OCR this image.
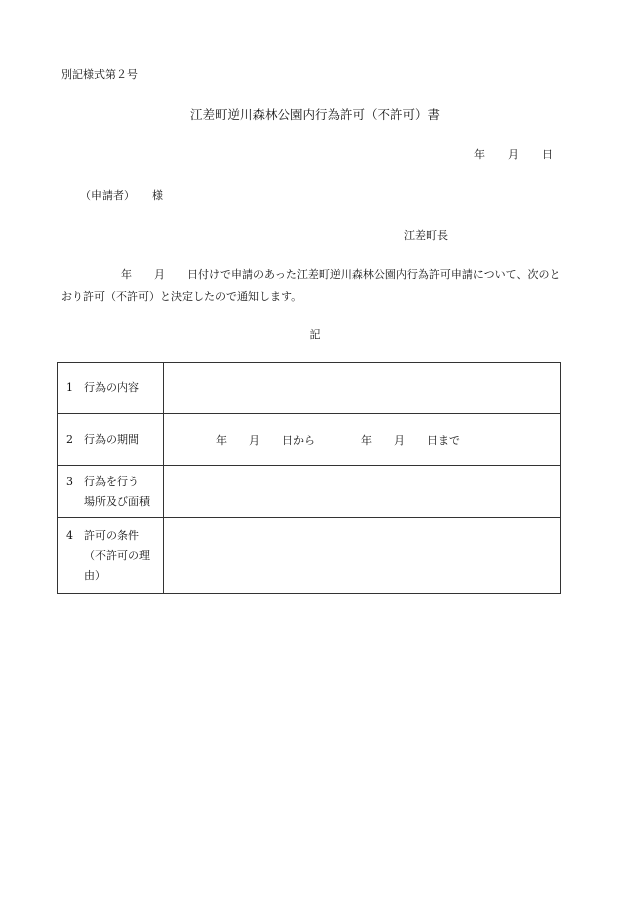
別記様式第２号
江差町逆川森林公園内行為許可（不許可）書
年 月 日
（申請者） 様
江差町長
年 月 日付けで申請のあった江差町逆川森林公園内行為許可申請について、次のとおり許可（不許可）と決定したので通知します。
記
1 行為の内容	
2 行為の期間	年 月 日から 年 月 日まで
3 行為を行う
場所及び面積	
4 許可の条件
（不許可の理
由）	
